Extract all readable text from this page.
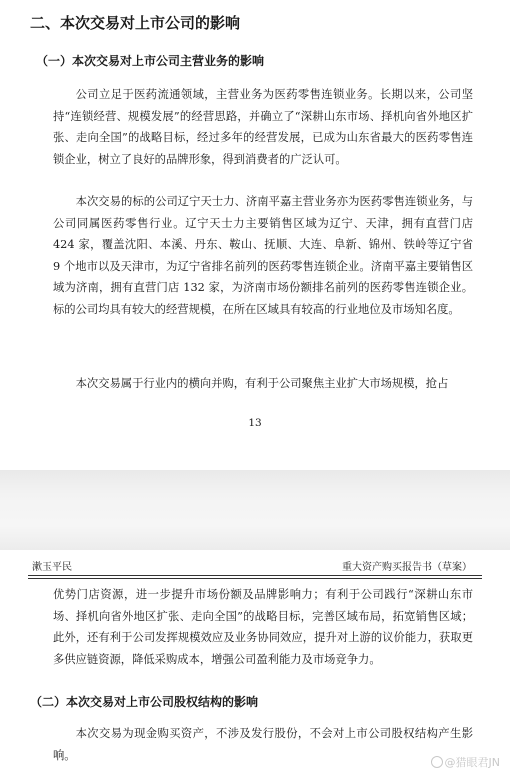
二、本次交易对上市公司的影响
（一）本次交易对上市公司主营业务的影响
公司立足于医药流通领域，主营业务为医药零售连锁业务。长期以来，公司坚持“连锁经营、规模发展”的经营思路，并确立了“深耕山东市场、择机向省外地区扩张、走向全国”的战略目标，经过多年的经营发展，已成为山东省最大的医药零售连锁企业，树立了良好的品牌形象，得到消费者的广泛认可。
本次交易的标的公司辽宁天士力、济南平嘉主营业务亦为医药零售连锁业务，与公司同属医药零售行业。辽宁天士力主要销售区域为辽宁、天津，拥有直营门店 424 家，覆盖沈阳、本溪、丹东、鞍山、抚顺、大连、阜新、锦州、铁岭等辽宁省 9 个地市以及天津市，为辽宁省排名前列的医药零售连锁企业。济南平嘉主要销售区域为济南，拥有直营门店 132 家，为济南市场份额排名前列的医药零售连锁企业。标的公司均具有较大的经营规模，在所在区域具有较高的行业地位及市场知名度。
本次交易属于行业内的横向并购，有利于公司聚焦主业扩大市场规模，抢占
13
漱玉平民	重大资产购买报告书（草案）
优势门店资源，进一步提升市场份额及品牌影响力；有利于公司践行“深耕山东市场、择机向省外地区扩张、走向全国”的战略目标，完善区域布局，拓宽销售区域；此外，还有利于公司发挥规模效应及业务协同效应，提升对上游的议价能力，获取更多供应链资源，降低采购成本，增强公司盈利能力及市场竞争力。
（二）本次交易对上市公司股权结构的影响
本次交易为现金购买资产，不涉及发行股份，不会对上市公司股权结构产生影响。
@猎眼君JN
